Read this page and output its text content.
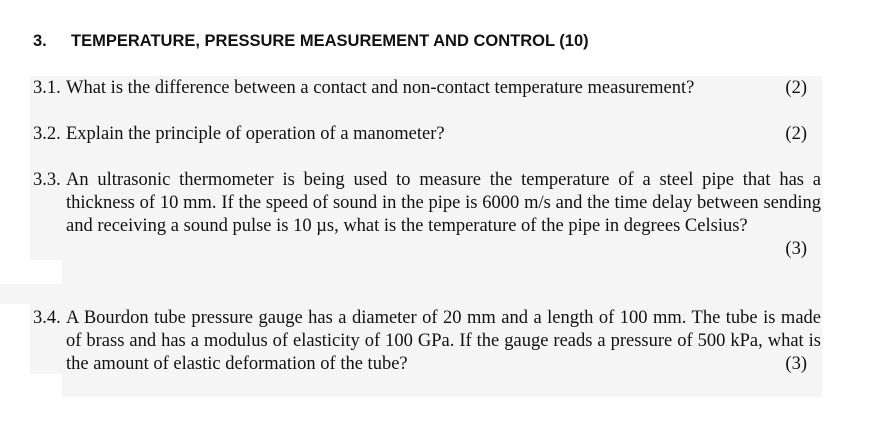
3. TEMPERATURE, PRESSURE MEASUREMENT AND CONTROL (10)
3.1.	(2)
What is the difference between a contact and non-contact temperature measurement?
3.2.	(2)
Explain the principle of operation of a manometer?
3.3. An ultrasonic thermometer is being used to measure the temperature of a steel pipe that has a thickness of 10 mm. If the speed of sound in the pipe is 6000 m/s and the time delay between sending and receiving a sound pulse is 10 µs, what is the temperature of the pipe in degrees Celsius?
(3)
3.4. A Bourdon tube pressure gauge has a diameter of 20 mm and a length of 100 mm. The tube is made of brass and has a modulus of elasticity of 100 GPa. If the gauge reads a pressure of 500 kPa, what is the amount of elastic deformation of the tube?	(3)
